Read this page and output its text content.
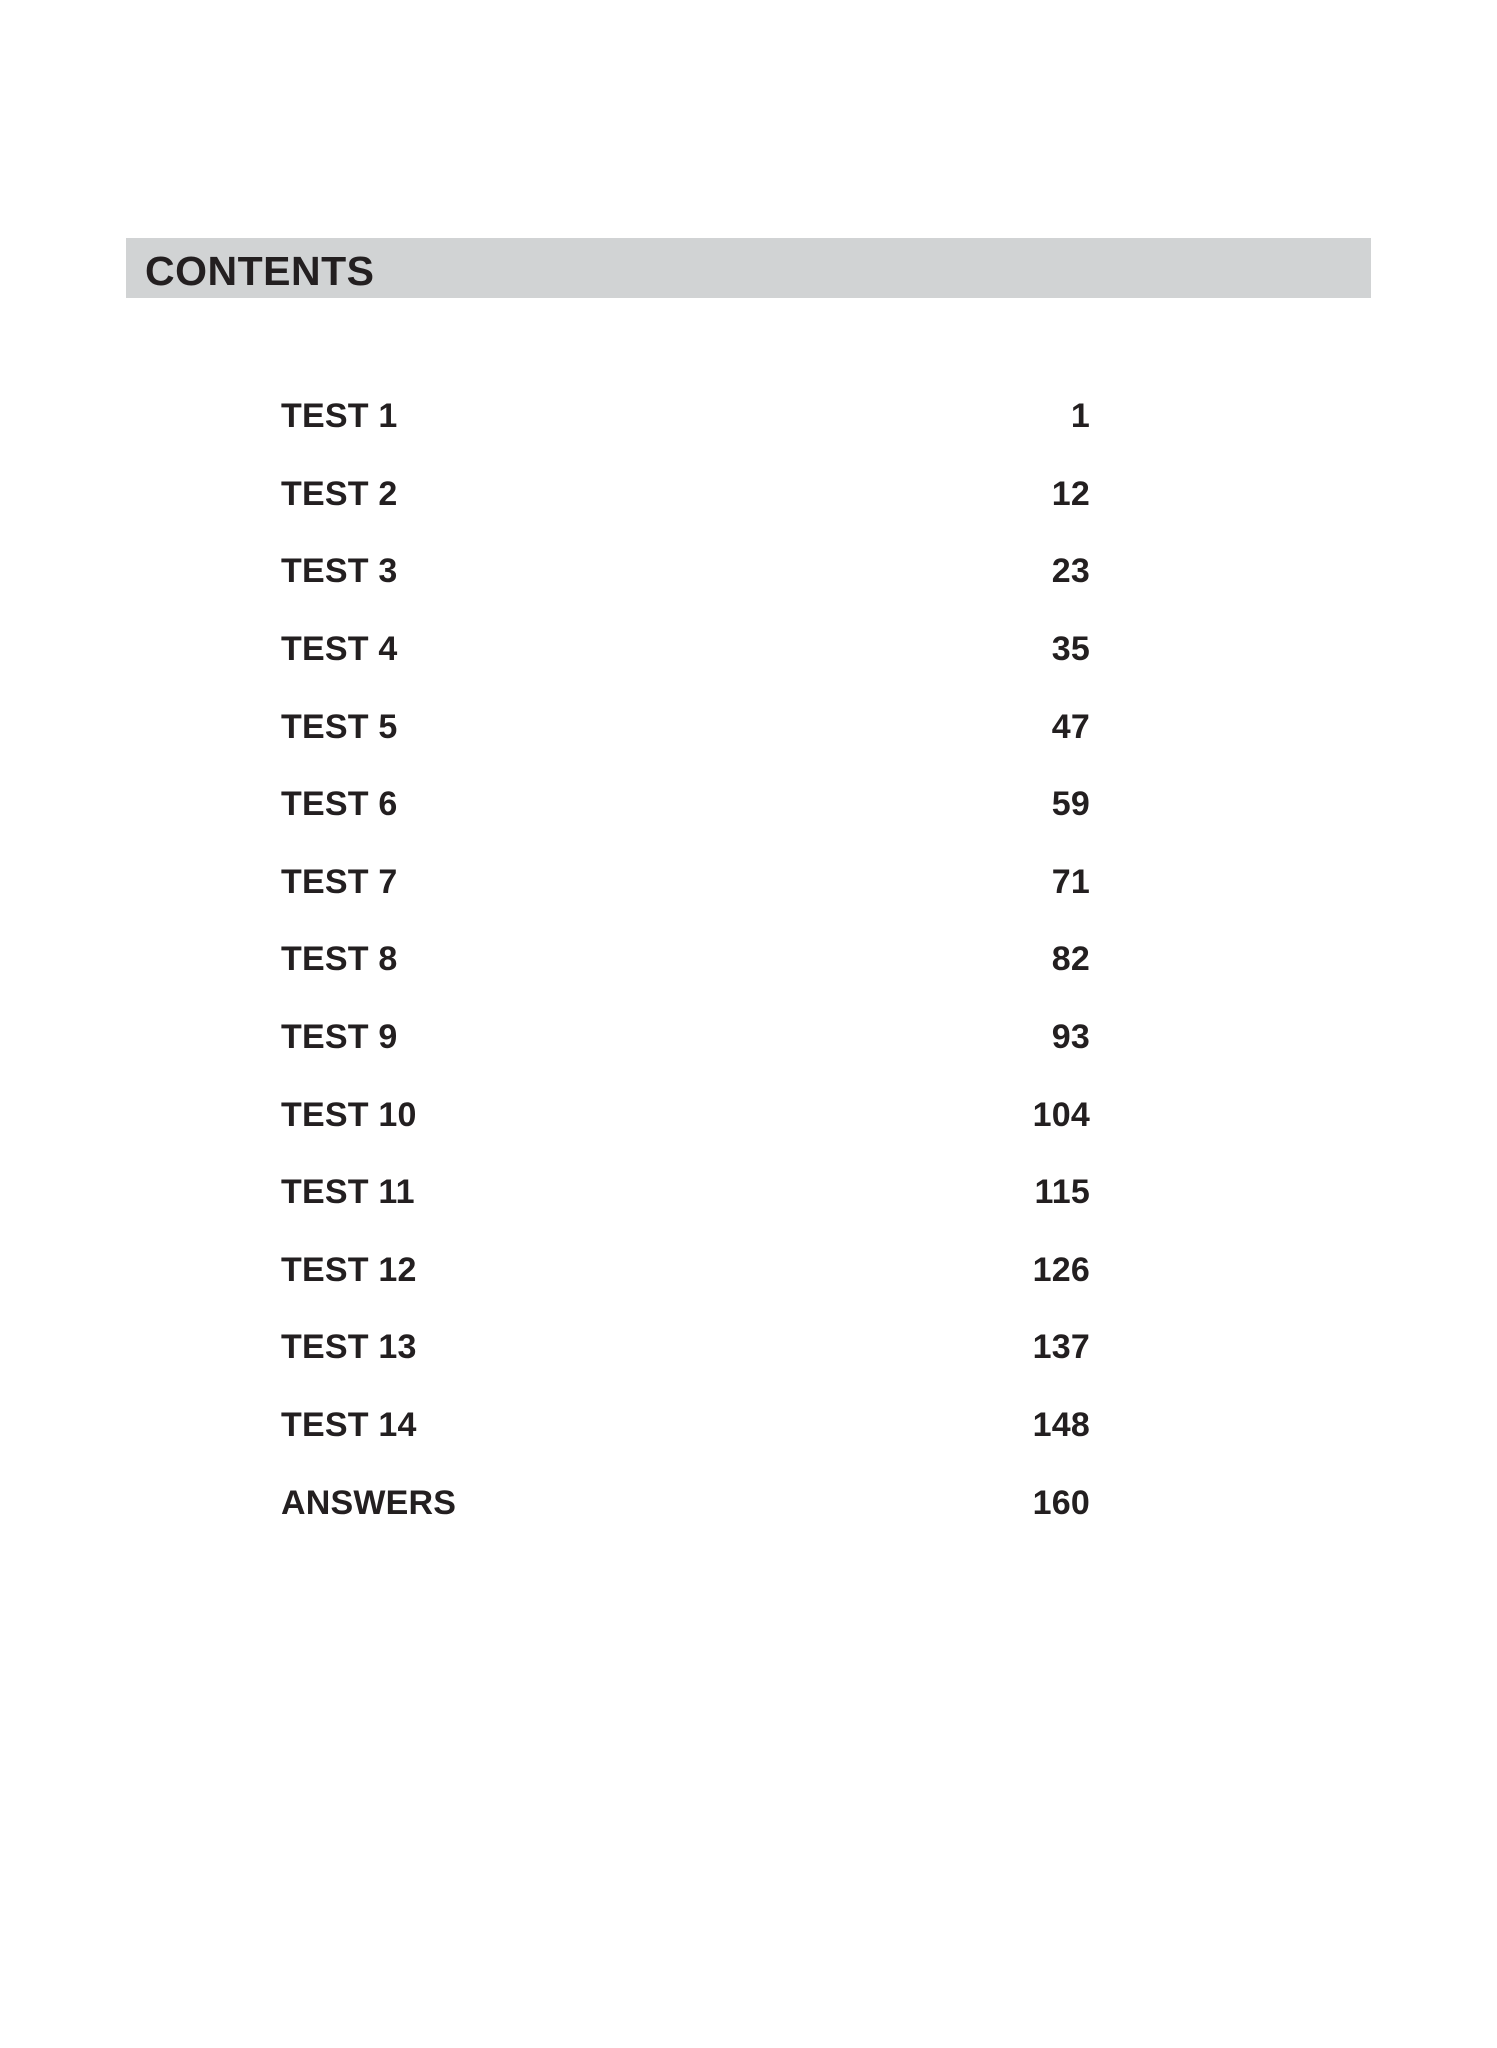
CONTENTS
TEST 1	1
TEST 2	12
TEST 3	23
TEST 4	35
TEST 5	47
TEST 6	59
TEST 7	71
TEST 8	82
TEST 9	93
TEST 10	104
TEST 11	115
TEST 12	126
TEST 13	137
TEST 14	148
ANSWERS	160
